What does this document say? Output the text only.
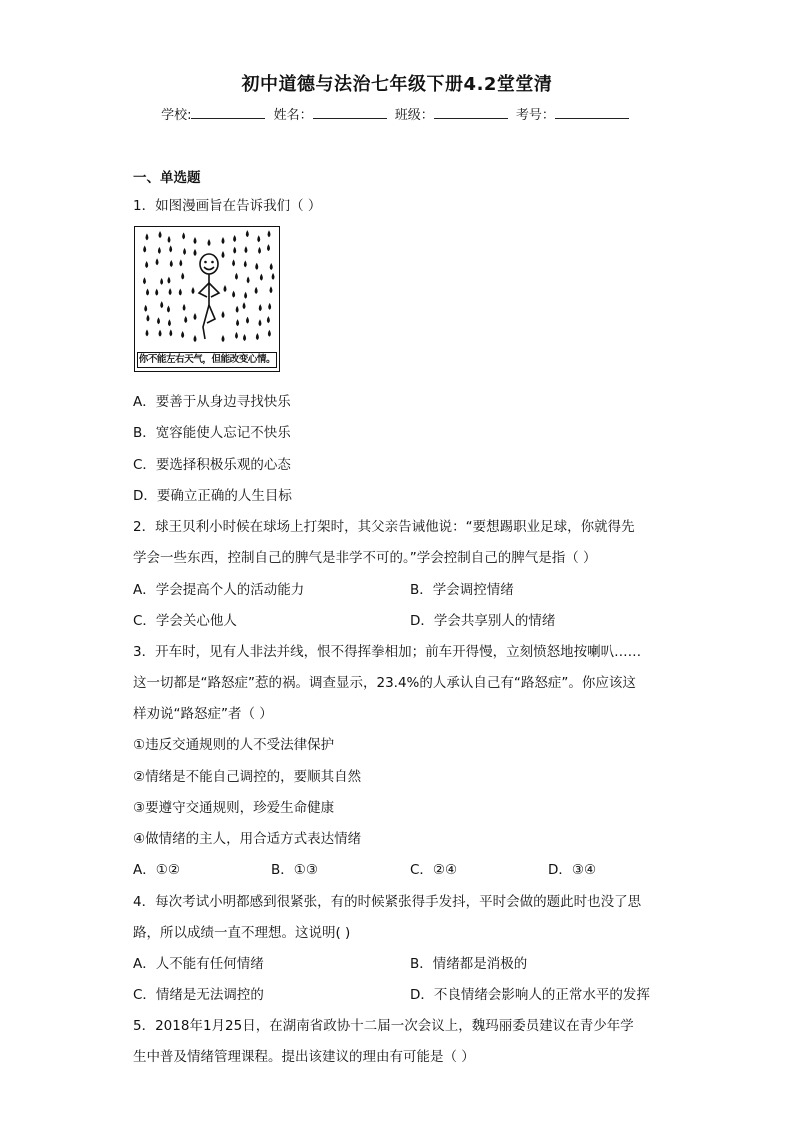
初中道德与法治七年级下册4.2堂堂清
学校:	姓名：	班级：	考号：
一、单选题
1．如图漫画旨在告诉我们（ ）
你不能左右天气，但能改变心情。
A．要善于从身边寻找快乐
B．宽容能使人忘记不快乐
C．要选择积极乐观的心态
D．要确立正确的人生目标
2．球王贝利小时候在球场上打架时，其父亲告诫他说：“要想踢职业足球，你就得先
学会一些东西，控制自己的脾气是非学不可的。”学会控制自己的脾气是指（ ）
A．学会提高个人的活动能力	B．学会调控情绪
C．学会关心他人	D．学会共享别人的情绪
3．开车时，见有人非法并线，恨不得挥拳相加；前车开得慢，立刻愤怒地按喇叭……
这一切都是“路怒症”惹的祸。调查显示，23.4%的人承认自己有“路怒症”。你应该这
样劝说“路怒症”者（ ）
①违反交通规则的人不受法律保护
②情绪是不能自己调控的，要顺其自然
③要遵守交通规则，珍爱生命健康
④做情绪的主人，用合适方式表达情绪
A．①②	B．①③	C．②④	D．③④
4．每次考试小明都感到很紧张，有的时候紧张得手发抖，平时会做的题此时也没了思
路，所以成绩一直不理想。这说明( )
A．人不能有任何情绪	B．情绪都是消极的
C．情绪是无法调控的	D．不良情绪会影响人的正常水平的发挥
5．2018年1月25日，在湖南省政协十二届一次会议上，魏玛丽委员建议在青少年学
生中普及情绪管理课程。提出该建议的理由有可能是（ ）
